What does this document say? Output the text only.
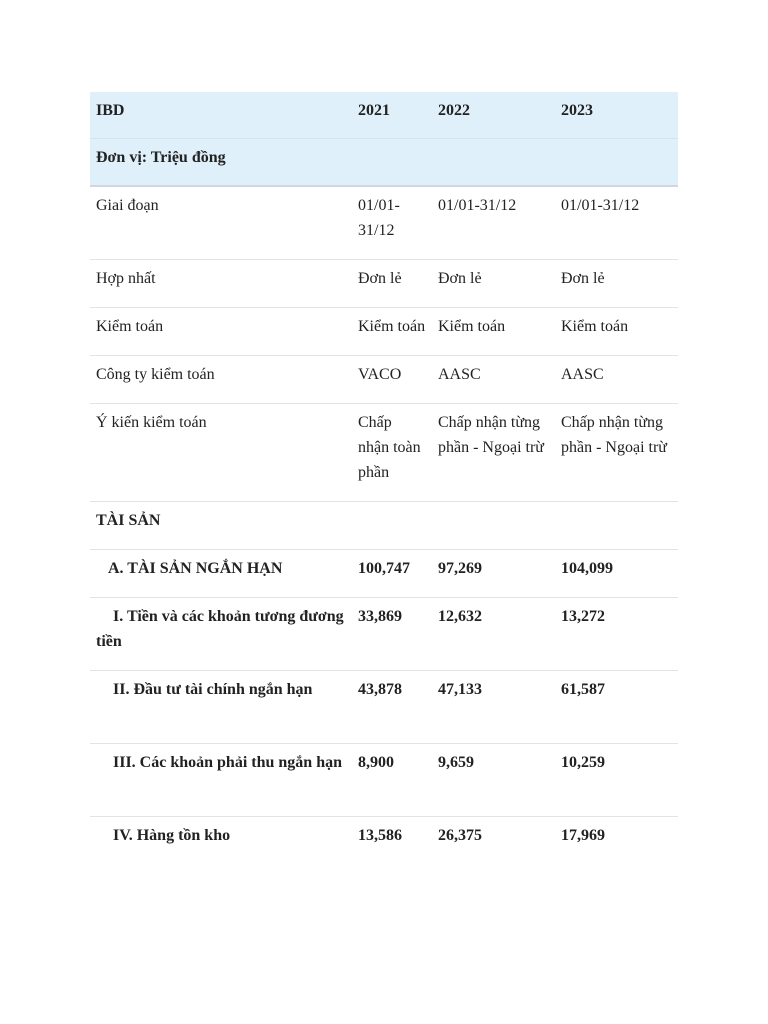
IBD	2021	2022	2023
Đơn vị: Triệu đồng			
Giai đoạn	01/01-31/12	01/01-31/12	01/01-31/12
Hợp nhất	Đơn lẻ	Đơn lẻ	Đơn lẻ
Kiểm toán	Kiểm toán	Kiểm toán	Kiểm toán
Công ty kiểm toán	VACO	AASC	AASC
Ý kiến kiểm toán	Chấp nhận toàn phần	Chấp nhận từng phần - Ngoại trừ	Chấp nhận từng phần - Ngoại trừ
TÀI SẢN			
A. TÀI SẢN NGẮN HẠN	100,747	97,269	104,099
I. Tiền và các khoản tương đương tiền	33,869	12,632	13,272
II. Đầu tư tài chính ngắn hạn	43,878	47,133	61,587
III. Các khoản phải thu ngắn hạn	8,900	9,659	10,259
IV. Hàng tồn kho	13,586	26,375	17,969
